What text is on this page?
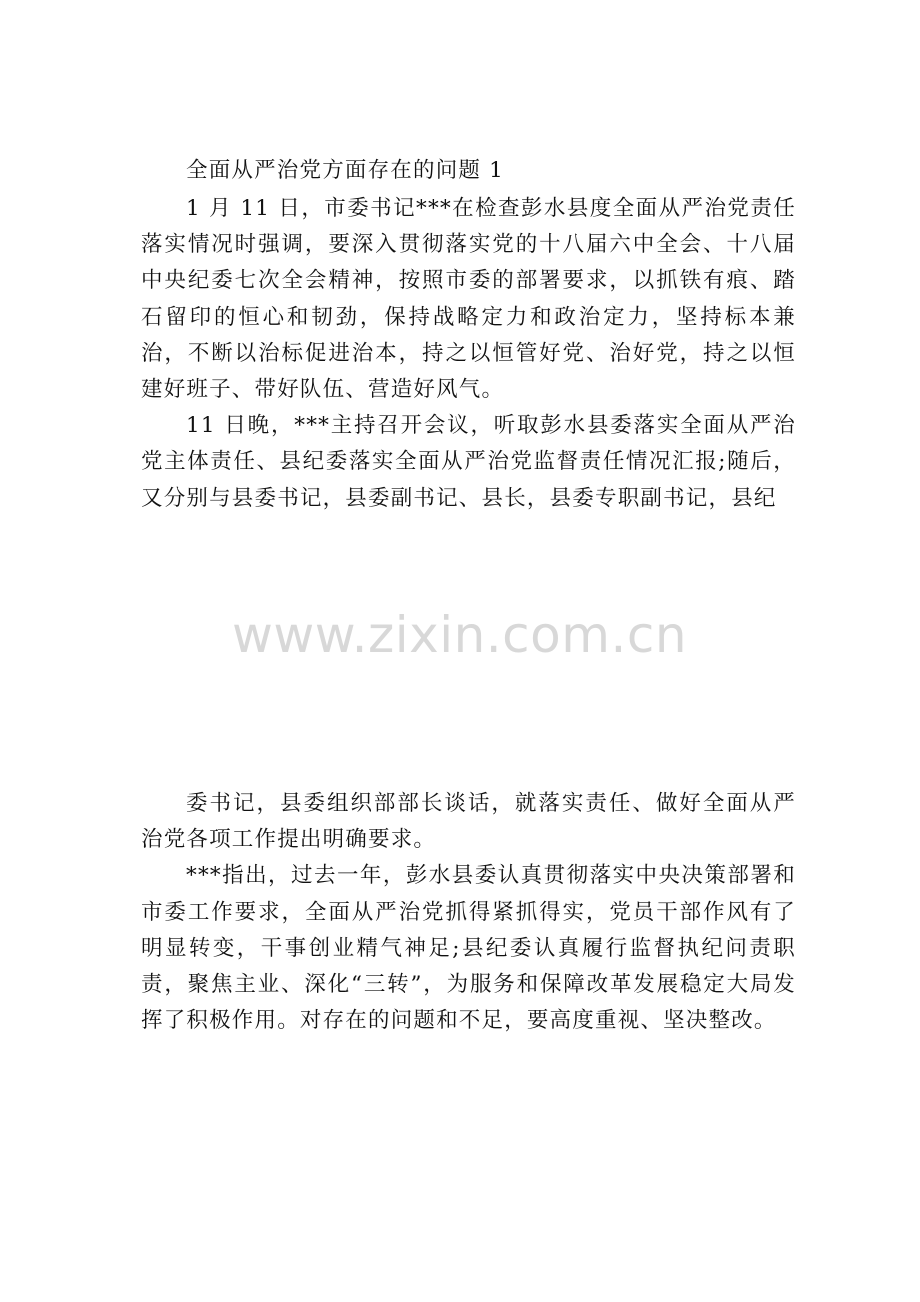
全面从严治党方面存在的问题 1

1 月 11 日，市委书记***在检查彭水县度全面从严治党责任落实情况时强调，要深入贯彻落实党的十八届六中全会、十八届中央纪委七次全会精神，按照市委的部署要求，以抓铁有痕、踏石留印的恒心和韧劲，保持战略定力和政治定力，坚持标本兼治，不断以治标促进治本，持之以恒管好党、治好党，持之以恒建好班子、带好队伍、营造好风气。

11 日晚，***主持召开会议，听取彭水县委落实全面从严治党主体责任、县纪委落实全面从严治党监督责任情况汇报;随后，又分别与县委书记，县委副书记、县长，县委专职副书记，县纪

www.zixin.com.cn

委书记，县委组织部部长谈话，就落实责任、做好全面从严治党各项工作提出明确要求。

***指出，过去一年，彭水县委认真贯彻落实中央决策部署和市委工作要求，全面从严治党抓得紧抓得实，党员干部作风有了明显转变，干事创业精气神足;县纪委认真履行监督执纪问责职责，聚焦主业、深化“三转”，为服务和保障改革发展稳定大局发挥了积极作用。对存在的问题和不足，要高度重视、坚决整改。
